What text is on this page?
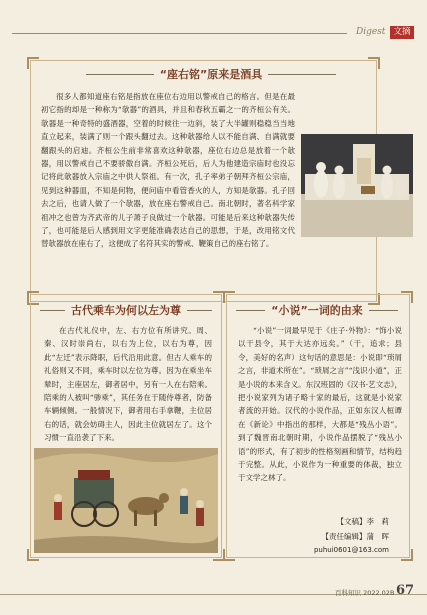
Digest 文摘
“座右铭”原来是酒具

很多人都知道座右铭是指放在座位右边用以警戒自己的格言。但是在最初它指的却是一种称为“欹器”的酒具，并且和春秋五霸之一的齐桓公有关。欹器是一种奇特的盛酒器，空着的时候往一边斜，装了大半罐则稳稳当当地直立起来，装满了则一个跟头翻过去。这种欹器给人以不能自满、自满就要翻跟头的启迪。齐桓公生前非常喜欢这种欹器，座位右边总是放着一个欹器，用以警戒自己不要骄傲自满。齐桓公死后，后人为他建造宗庙时也没忘记将此欹器放入宗庙之中供人祭祖。有一次，孔子率弟子朝拜齐桓公宗庙，见到这种器皿，不知是何物，便问庙中看管香火的人，方知是欹器。孔子回去之后，也请人做了一个欹器，放在座右警戒自己。南北朝时，著名科学家祖冲之也曾为齐武帝的儿子萧子良做过一个欹器。可能是后来这种欹器失传了，也可能是后人感到用文字更能准确表达自己的思想，于是，改用铭文代替欹器放在座右了，这便成了名符其实的警戒、鞭策自己的座右铭了。

古代乘车为何以左为尊

在古代礼仪中，左、右方位有所讲究。周、秦、汉时崇尚右，以右为上位，以右为尊，因此“左迁”表示降职，后代沿用此意。但古人乘车的礼俗则又不同，乘车时以左位为尊。因为在乘坐车辇时，主座居左，御者居中，另有一人在右陪乘。陪乘的人被叫“骖乘”，其任务在于随侍尊者，防备车辆倾侧。一般情况下，御者用右手拿鞭，主位居右的话，就会妨碍主人，因此主位就居左了。这个习惯一直沿袭了下来。

“小说”一词的由来

“小说”一词最早见于《庄子·外物》：“饰小说以干县令，其于大达亦远矣。”（干，追求；县令，美好的名声）这句话的意思是：小说即“琐屑之言，非道术所在”。“琐屑之言”“浅识小道”，正是小说的本来含义。东汉班固的《汉书·艺文志》，把小说家列为诸子略十家的最后，这就是小说家者流的开始。汉代的小说作品，正如东汉人桓谭在《新论》中指出的那样，大都是“残丛小语”。到了魏晋南北朝时期，小说作品摆脱了“残丛小语”的形式，有了初步的性格刻画和情节，结构趋于完整。从此，小说作为一种重要的体裁，独立于文学之林了。

【文稿】李　莉
【责任编辑】蒲　晖
puhui0601@163.com
百科知识 2022.02B 67
